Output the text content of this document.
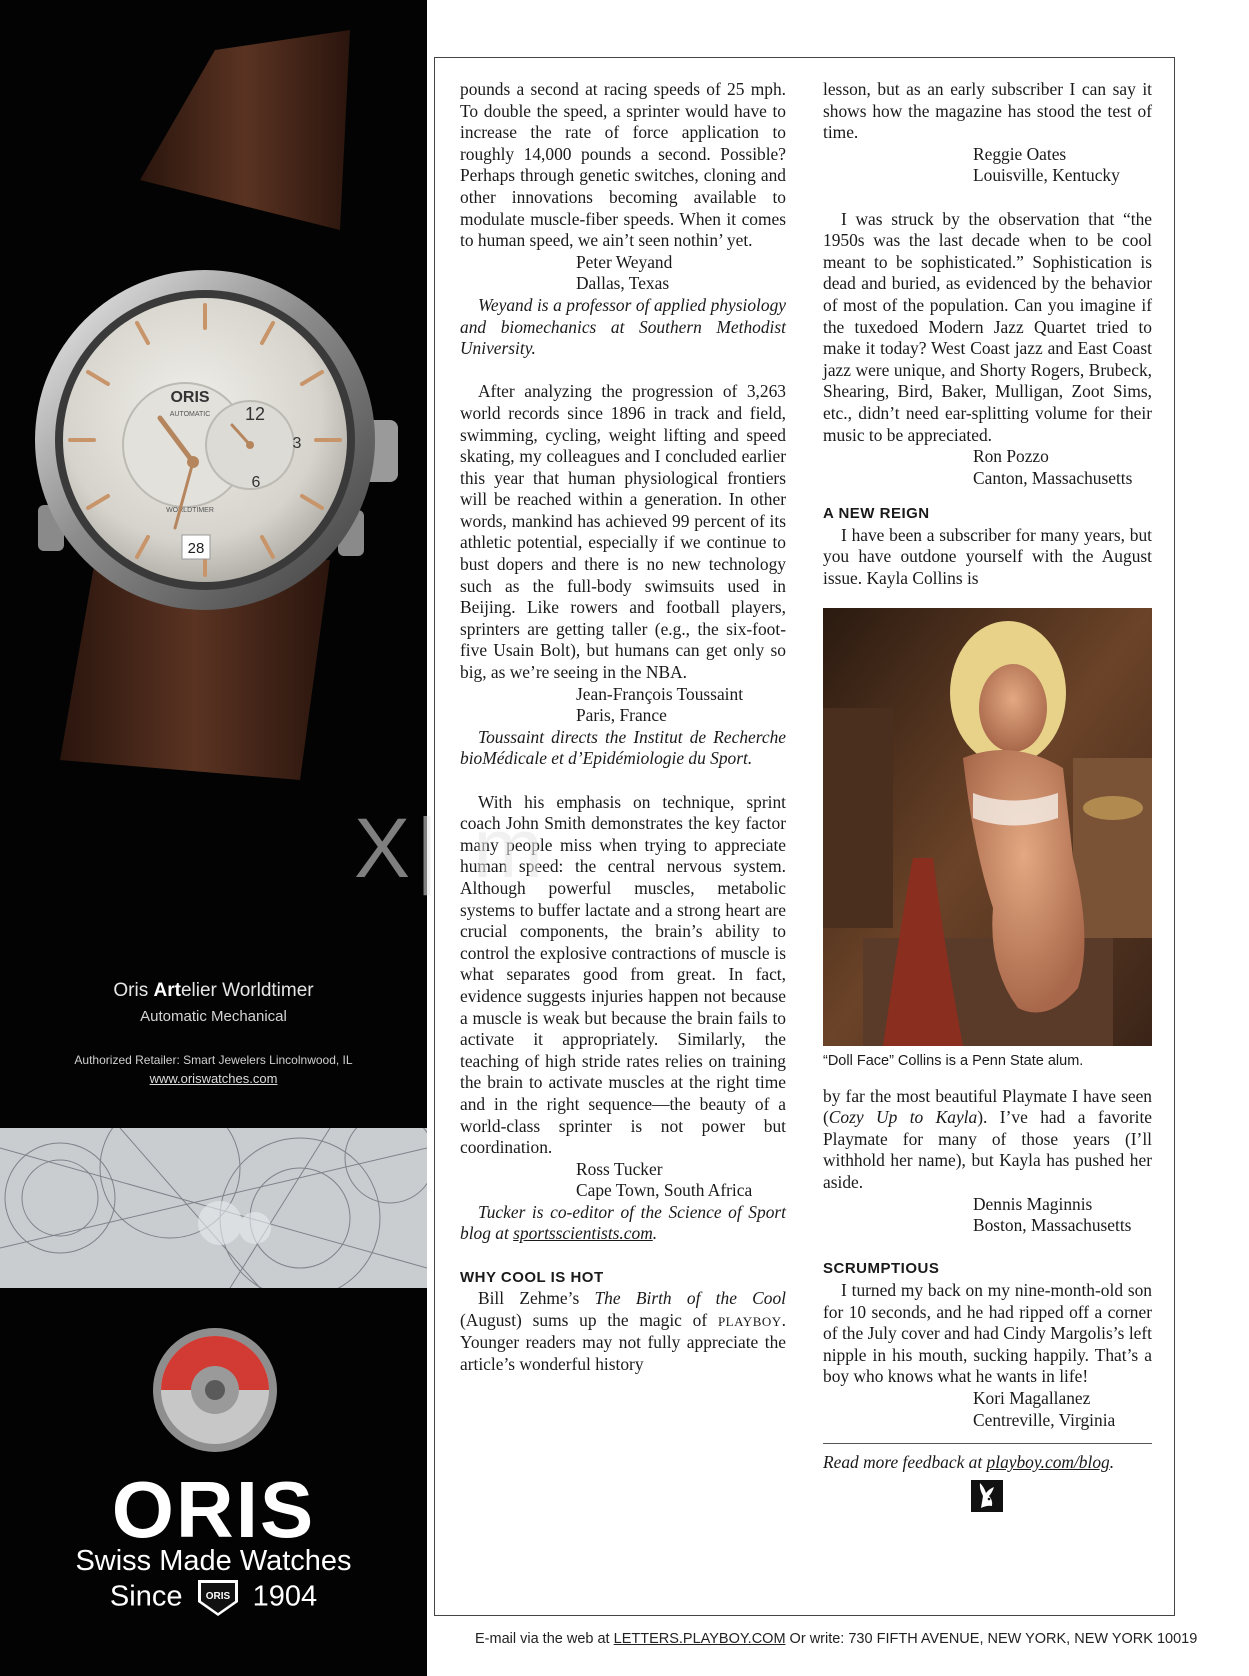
28
ORIS
AUTOMATIC
WORLDTIMER
12
3
6
Oris Artelier Worldtimer
Automatic Mechanical
Authorized Retailer: Smart Jewelers Lincolnwood, IL
www.oriswatches.com
ORIS
Swiss Made Watches
Since ORIS 1904

pounds a second at racing speeds of 25 mph. To double the speed, a sprinter would have to increase the rate of force application to roughly 14,000 pounds a second. Possible? Perhaps through genetic switches, cloning and other innovations becoming available to modulate muscle-fiber speeds. When it comes to human speed, we ain’t seen nothin’ yet.

Peter Weyand
Dallas, Texas

Weyand is a professor of applied physiology and biomechanics at Southern Methodist University.

After analyzing the progression of 3,263 world records since 1896 in track and field, swimming, cycling, weight lifting and speed skating, my colleagues and I concluded earlier this year that human physiological frontiers will be reached within a generation. In other words, mankind has achieved 99 percent of its athletic potential, especially if we continue to bust dopers and there is no new technology such as the full-body swimsuits used in Beijing. Like rowers and football players, sprinters are getting taller (e.g., the six-foot-five Usain Bolt), but humans can get only so big, as we’re seeing in the NBA.

Jean-François Toussaint
Paris, France

Toussaint directs the Institut de Recherche bioMédicale et d’Epidémiologie du Sport.

With his emphasis on technique, sprint coach John Smith demonstrates the key factor many people miss when trying to appreciate human speed: the central nervous system. Although powerful muscles, metabolic systems to buffer lactate and a strong heart are crucial components, the brain’s ability to control the explosive contractions of muscle is what separates good from great. In fact, evidence suggests injuries happen not because a muscle is weak but because the brain fails to activate it appropriately. Similarly, the teaching of high stride rates relies on training the brain to activate muscles at the right time and in the right sequence—the beauty of a world-class sprinter is not power but coordination.

Ross Tucker
Cape Town, South Africa

Tucker is co-editor of the Science of Sport blog at sportsscientists.com.

WHY COOL IS HOT

Bill Zehme’s The Birth of the Cool (August) sums up the magic of PLAYBOY. Younger readers may not fully appreciate the article’s wonderful history

lesson, but as an early subscriber I can say it shows how the magazine has stood the test of time.

Reggie Oates
Louisville, Kentucky

I was struck by the observation that “the 1950s was the last decade when to be cool meant to be sophisticated.” Sophistication is dead and buried, as evidenced by the behavior of most of the population. Can you imagine if the tuxedoed Modern Jazz Quartet tried to make it today? West Coast jazz and East Coast jazz were unique, and Shorty Rogers, Brubeck, Shearing, Bird, Baker, Mulligan, Zoot Sims, etc., didn’t need ear-splitting volume for their music to be appreciated.

Ron Pozzo
Canton, Massachusetts
A NEW REIGN

I have been a subscriber for many years, but you have outdone yourself with the August issue. Kayla Collins is

“Doll Face” Collins is a Penn State alum.

by far the most beautiful Playmate I have seen (Cozy Up to Kayla). I’ve had a favorite Playmate for many of those years (I’ll withhold her name), but Kayla has pushed her aside.

Dennis Maginnis
Boston, Massachusetts
SCRUMPTIOUS

I turned my back on my nine-month-old son for 10 seconds, and he had ripped off a corner of the July cover and had Cindy Margolis’s left nipple in his mouth, sucking happily. That’s a boy who knows what he wants in life!

Kori Magallanez
Centreville, Virginia
Read more feedback at playboy.com/blog.
X| m
E-mail via the web at LETTERS.PLAYBOY.COM Or write: 730 FIFTH AVENUE, NEW YORK, NEW YORK 10019
